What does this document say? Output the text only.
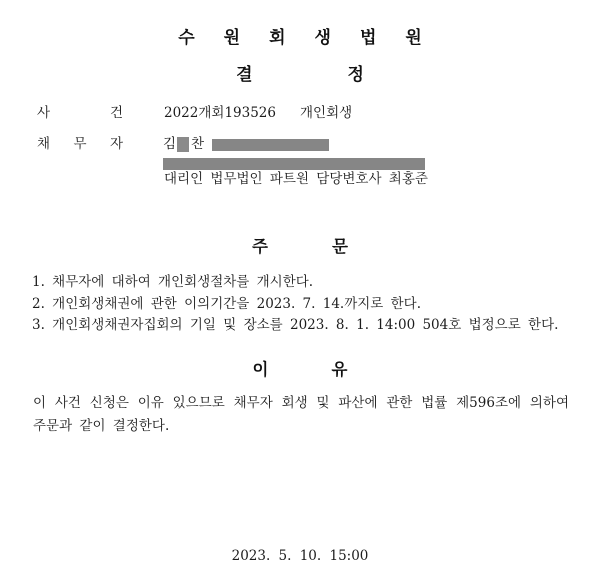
수 원 회 생 법 원
결	정
사	건	2022개회193526 개인회생
채 무 자	김 찬
대리인 법무법인 파트원 담당변호사 최홍준
주	문
1. 채무자에 대하여 개인회생절차를 개시한다.
2. 개인회생채권에 관한 이의기간을 2023. 7. 14.까지로 한다.
3. 개인회생채권자집회의 기일 및 장소를 2023. 8. 1. 14:00 504호 법정으로 한다.
이	유
이 사건 신청은 이유 있으므로 채무자 회생 및 파산에 관한 법률 제596조에 의하여
주문과 같이 결정한다.
2023. 5. 10. 15:00
